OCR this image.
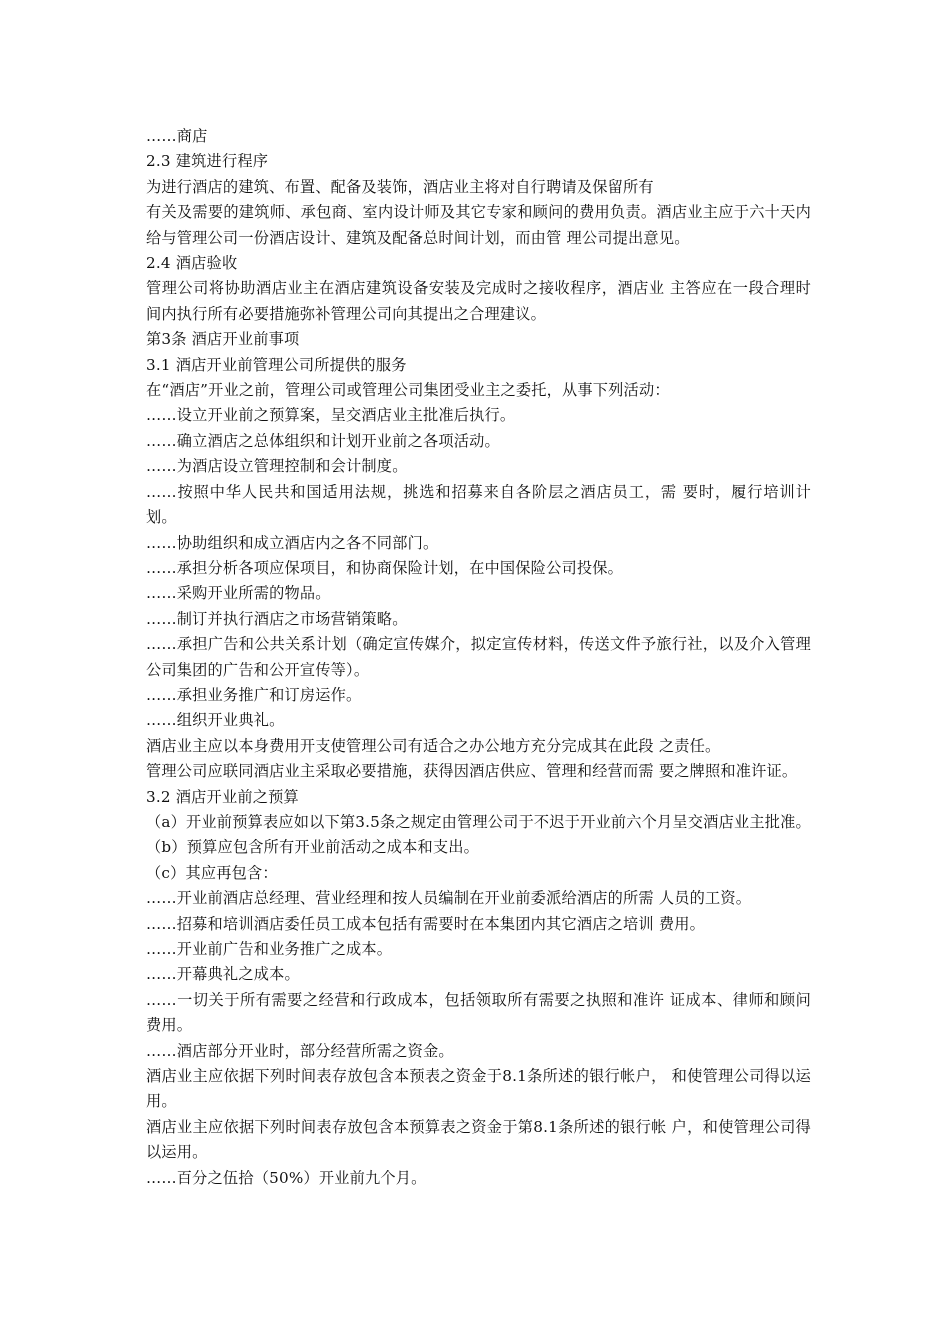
……商店

2.3 建筑进行程序

为进行酒店的建筑、布置、配备及装饰，酒店业主将对自行聘请及保留所有

有关及需要的建筑师、承包商、室内设计师及其它专家和顾问的费用负责。酒店业主应于六十天内给与管理公司一份酒店设计、建筑及配备总时间计划，而由管 理公司提出意见。

2.4 酒店验收

管理公司将协助酒店业主在酒店建筑设备安装及完成时之接收程序，酒店业 主答应在一段合理时间内执行所有必要措施弥补管理公司向其提出之合理建议。

第3条 酒店开业前事项

3.1 酒店开业前管理公司所提供的服务

在“酒店”开业之前，管理公司或管理公司集团受业主之委托，从事下列活动：

……设立开业前之预算案，呈交酒店业主批准后执行。

……确立酒店之总体组织和计划开业前之各项活动。

……为酒店设立管理控制和会计制度。

……按照中华人民共和国适用法规，挑选和招募来自各阶层之酒店员工，需 要时，履行培训计划。

……协助组织和成立酒店内之各不同部门。

……承担分析各项应保项目，和协商保险计划，在中国保险公司投保。

……采购开业所需的物品。

……制订并执行酒店之市场营销策略。

……承担广告和公共关系计划（确定宣传媒介，拟定宣传材料，传送文件予旅行社，以及介入管理公司集团的广告和公开宣传等）。

……承担业务推广和订房运作。

……组织开业典礼。

酒店业主应以本身费用开支使管理公司有适合之办公地方充分完成其在此段 之责任。

管理公司应联同酒店业主采取必要措施，获得因酒店供应、管理和经营而需 要之牌照和准许证。

3.2 酒店开业前之预算

（a）开业前预算表应如以下第3.5条之规定由管理公司于不迟于开业前六个月呈交酒店业主批准。

（b）预算应包含所有开业前活动之成本和支出。

（c）其应再包含：

……开业前酒店总经理、营业经理和按人员编制在开业前委派给酒店的所需 人员的工资。

……招募和培训酒店委任员工成本包括有需要时在本集团内其它酒店之培训 费用。

……开业前广告和业务推广之成本。

……开幕典礼之成本。

……一切关于所有需要之经营和行政成本，包括领取所有需要之执照和准许 证成本、律师和顾问费用。

……酒店部分开业时，部分经营所需之资金。

酒店业主应依据下列时间表存放包含本预表之资金于8.1条所述的银行帐户， 和使管理公司得以运用。

酒店业主应依据下列时间表存放包含本预算表之资金于第8.1条所述的银行帐 户，和使管理公司得以运用。

……百分之伍拾（50%）开业前九个月。
